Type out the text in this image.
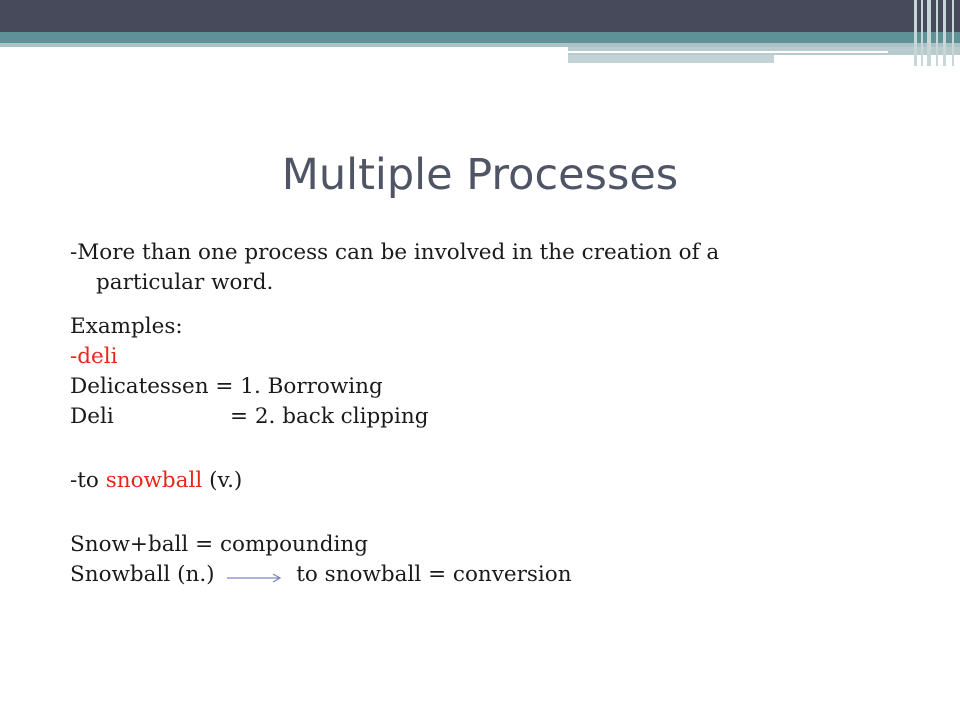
Multiple Processes
-More than one process can be involved in the creation of a
particular word.
Examples:
-deli
Delicatessen = 1. Borrowing
Deli	= 2. back clipping
-to snowball (v.)
Snow+ball = compounding
Snowball (n.)	to snowball = conversion
